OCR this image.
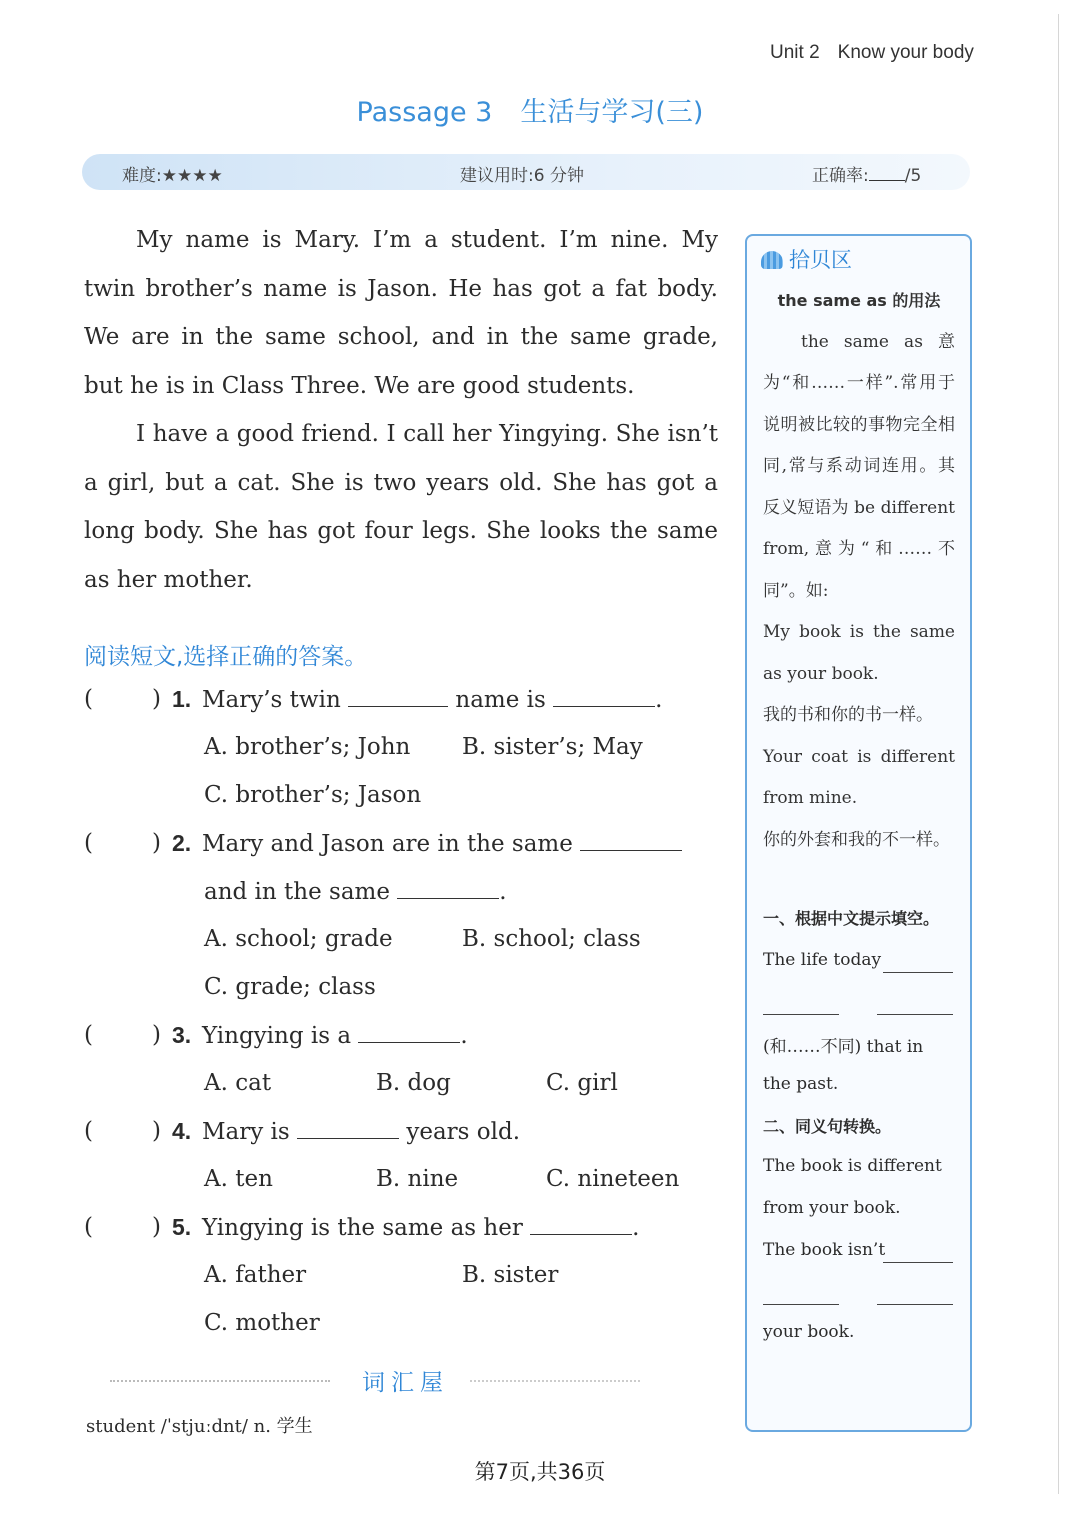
Unit 2 Know your body
Passage 3 生活与学习(三)
难度:★★★★	建议用时:6 分钟	正确率: /5

My name is Mary. I’m a student. I’m nine. My twin brother’s name is Jason. He has got a fat body. We are in the same school, and in the same grade, but he is in Class Three. We are good students.

I have a good friend. I call her Yingying. She isn’t a girl, but a cat. She is two years old. She has got a long body. She has got four legs. She looks the same as her mother.

阅读短文,选择正确的答案。
(	) 1. Mary’s twin	name is	.
A. brother’s; John B. sister’s; May
C. brother’s; Jason
(	) 2. Mary and Jason are in the same
and in the same	.
A. school; grade	B. school; class
C. grade; class
(	) 3. Yingying is a	.
A. cat	B. dog	C. girl
(	) 4. Mary is	years old.
A. ten	B. nine	C. nineteen
(	) 5. Yingying is the same as her	.
A. father	B. sister
C. mother
词汇屋
student /ˈstjuːdnt/ n. 学生
第7页,共36页
拾贝区

the same as 的用法

the same as 意为“和……一样”.常用于说明被比较的事物完全相同,常与系动词连用。其反义短语为 be different from,意为“和……不同”。如:

My book is the same as your book.

我的书和你的书一样。

Your coat is different from mine.

你的外套和我的不一样。

一、根据中文提示填空。
The life today
(和……不同) that in
the past.
二、同义句转换。
The book is different
from your book.
The book isn’t
your book.
